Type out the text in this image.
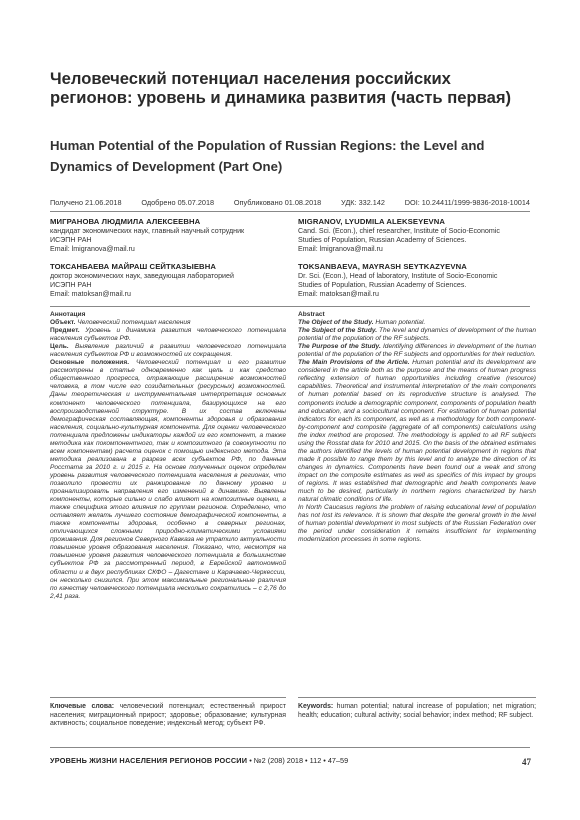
Человеческий потенциал населения российских регионов: уровень и динамика развития (часть первая)
Human Potential of the Population of Russian Regions: the Level and Dynamics of Development (Part One)
Получено 21.06.2018	Одобрено 05.07.2018	Опубликовано 01.08.2018	УДК: 332.142	DOI: 10.24411/1999-9836-2018-10014
МИГРАНОВА ЛЮДМИЛА АЛЕКСЕЕВНА
кандидат экономических наук, главный научный сотрудник
ИСЭПН РАН
Email: lmigranova@mail.ru
ТОКСАНБАЕВА МАЙРАШ СЕЙТКАЗЫЕВНА
доктор экономических наук, заведующая лабораторией
ИСЭПН РАН
Email: matoksan@mail.ru
MIGRANOV, LYUDMILA ALEKSEYEVNA
Cand. Sci. (Econ.), chief researcher, Institute of Socio-Economic
Studies of Population, Russian Academy of Sciences.
Email: lmigranova@mail.ru
TOKSANBAEVA, MAYRASH SEYTKAZYEVNA
Dr. Sci. (Econ.), Head of laboratory, Institute of Socio-Economic
Studies of Population, Russian Academy of Sciences.
Email: matoksan@mail.ru

Аннотация

Объект. Человеческий потенциал населения

Предмет. Уровень и динамика развития человеческого потенциала населения субъектов РФ.

Цель. Выявление различий в развитии человеческого потенциала населения субъектов РФ и возможностей их сокращения.

Основные положения. Человеческий потенциал и его развитие рассмотрены в статье одновременно как цель и как средство общественного прогресса, отражающие расширение возможностей человека, в том числе его созидательных (ресурсных) возможностей. Даны теоретическая и инструментальная интерпретация основных компонент человеческого потенциала, базирующихся на его воспроизводственной структуре. В их состав включены демографическая составляющая, компоненты здоровья и образования населения, социально-культурная компонента. Для оценки человеческого потенциала предложены индикаторы каждой из его компонент, а также методика как покомпонентного, так и композитного (в совокупности по всем компонентам) расчета оценок с помощью индексного метода. Эта методика реализована в разрезе всех субъектов РФ, по данным Росстата за 2010 г. и 2015 г. На основе полученных оценок определен уровень развития человеческого потенциала населения в регионах, что позволило провести их ранжирование по данному уровню и проанализировать направления его изменений в динамике. Выявлены компоненты, которые сильно и слабо влияют на композитные оценки, а также специфика этого влияния по группам регионов. Определено, что оставляет желать лучшего состояние демографической компоненты, а также компоненты здоровья, особенно в северных регионах, отличающихся сложными природно-климатическими условиями проживания. Для регионов Северного Кавказа не утратило актуальности повышение уровня образования населения. Показано, что, несмотря на повышение уровня развития человеческого потенциала в большинстве субъектов РФ за рассмотренный период, в Еврейской автономной области и в двух республиках СКФО – Дагестане и Карачаево-Черкессии, он несколько снизился. При этом максимальные региональные различия по качеству человеческого потенциала несколько сократились – с 2,76 до 2,41 раза.

Abstract

The Object of the Study. Human potential.

The Subject of the Study. The level and dynamics of development of the human potential of the population of the RF subjects.

The Purpose of the Study. Identifying differences in development of the human potential of the population of the RF subjects and opportunities for their reduction.

The Main Provisions of the Article. Human potential and its development are considered in the article both as the purpose and the means of human progress reflecting extension of human opportunities including creative (resource) capabilities. Theoretical and instrumental interpretation of the main components of human potential based on its reproductive structure is analysed. The components include a demographic component, components of population health and education, and a sociocultural component. For estimation of human potential indicators for each its component, as well as a methodology for both component-by-component and composite (aggregate of all components) calculations using the index method are proposed. The methodology is applied to all RF subjects using the Rosstat data for 2010 and 2015. On the basis of the obtained estimates the authors identified the levels of human potential development in regions that made it possible to range them by this level and to analyze the direction of its changes in dynamics. Components have been found out a weak and strong impact on the composite estimates as well as specifics of this impact by groups of regions. It was established that demographic and health components leave much to be desired, particularly in northern regions characterized by harsh natural climatic conditions of life.

In North Caucasus regions the problem of raising educational level of population has not lost its relevance. It is shown that despite the general growth in the level of human potential development in most subjects of the Russian Federation over the period under consideration it remains insufficient for implementing modernization processes in some regions.

Ключевые слова: человеческий потенциал; естественный прирост населения; миграционный прирост; здоровье; образование; культурная активность; социальное поведение; индексный метод; субъект РФ.
Keywords: human potential; natural increase of population; net migration; health; education; cultural activity; social behavior; index method; RF subject.
УРОВЕНЬ ЖИЗНИ НАСЕЛЕНИЯ РЕГИОНОВ РОССИИ • №2 (208) 2018 • 112 • 47–59	47
